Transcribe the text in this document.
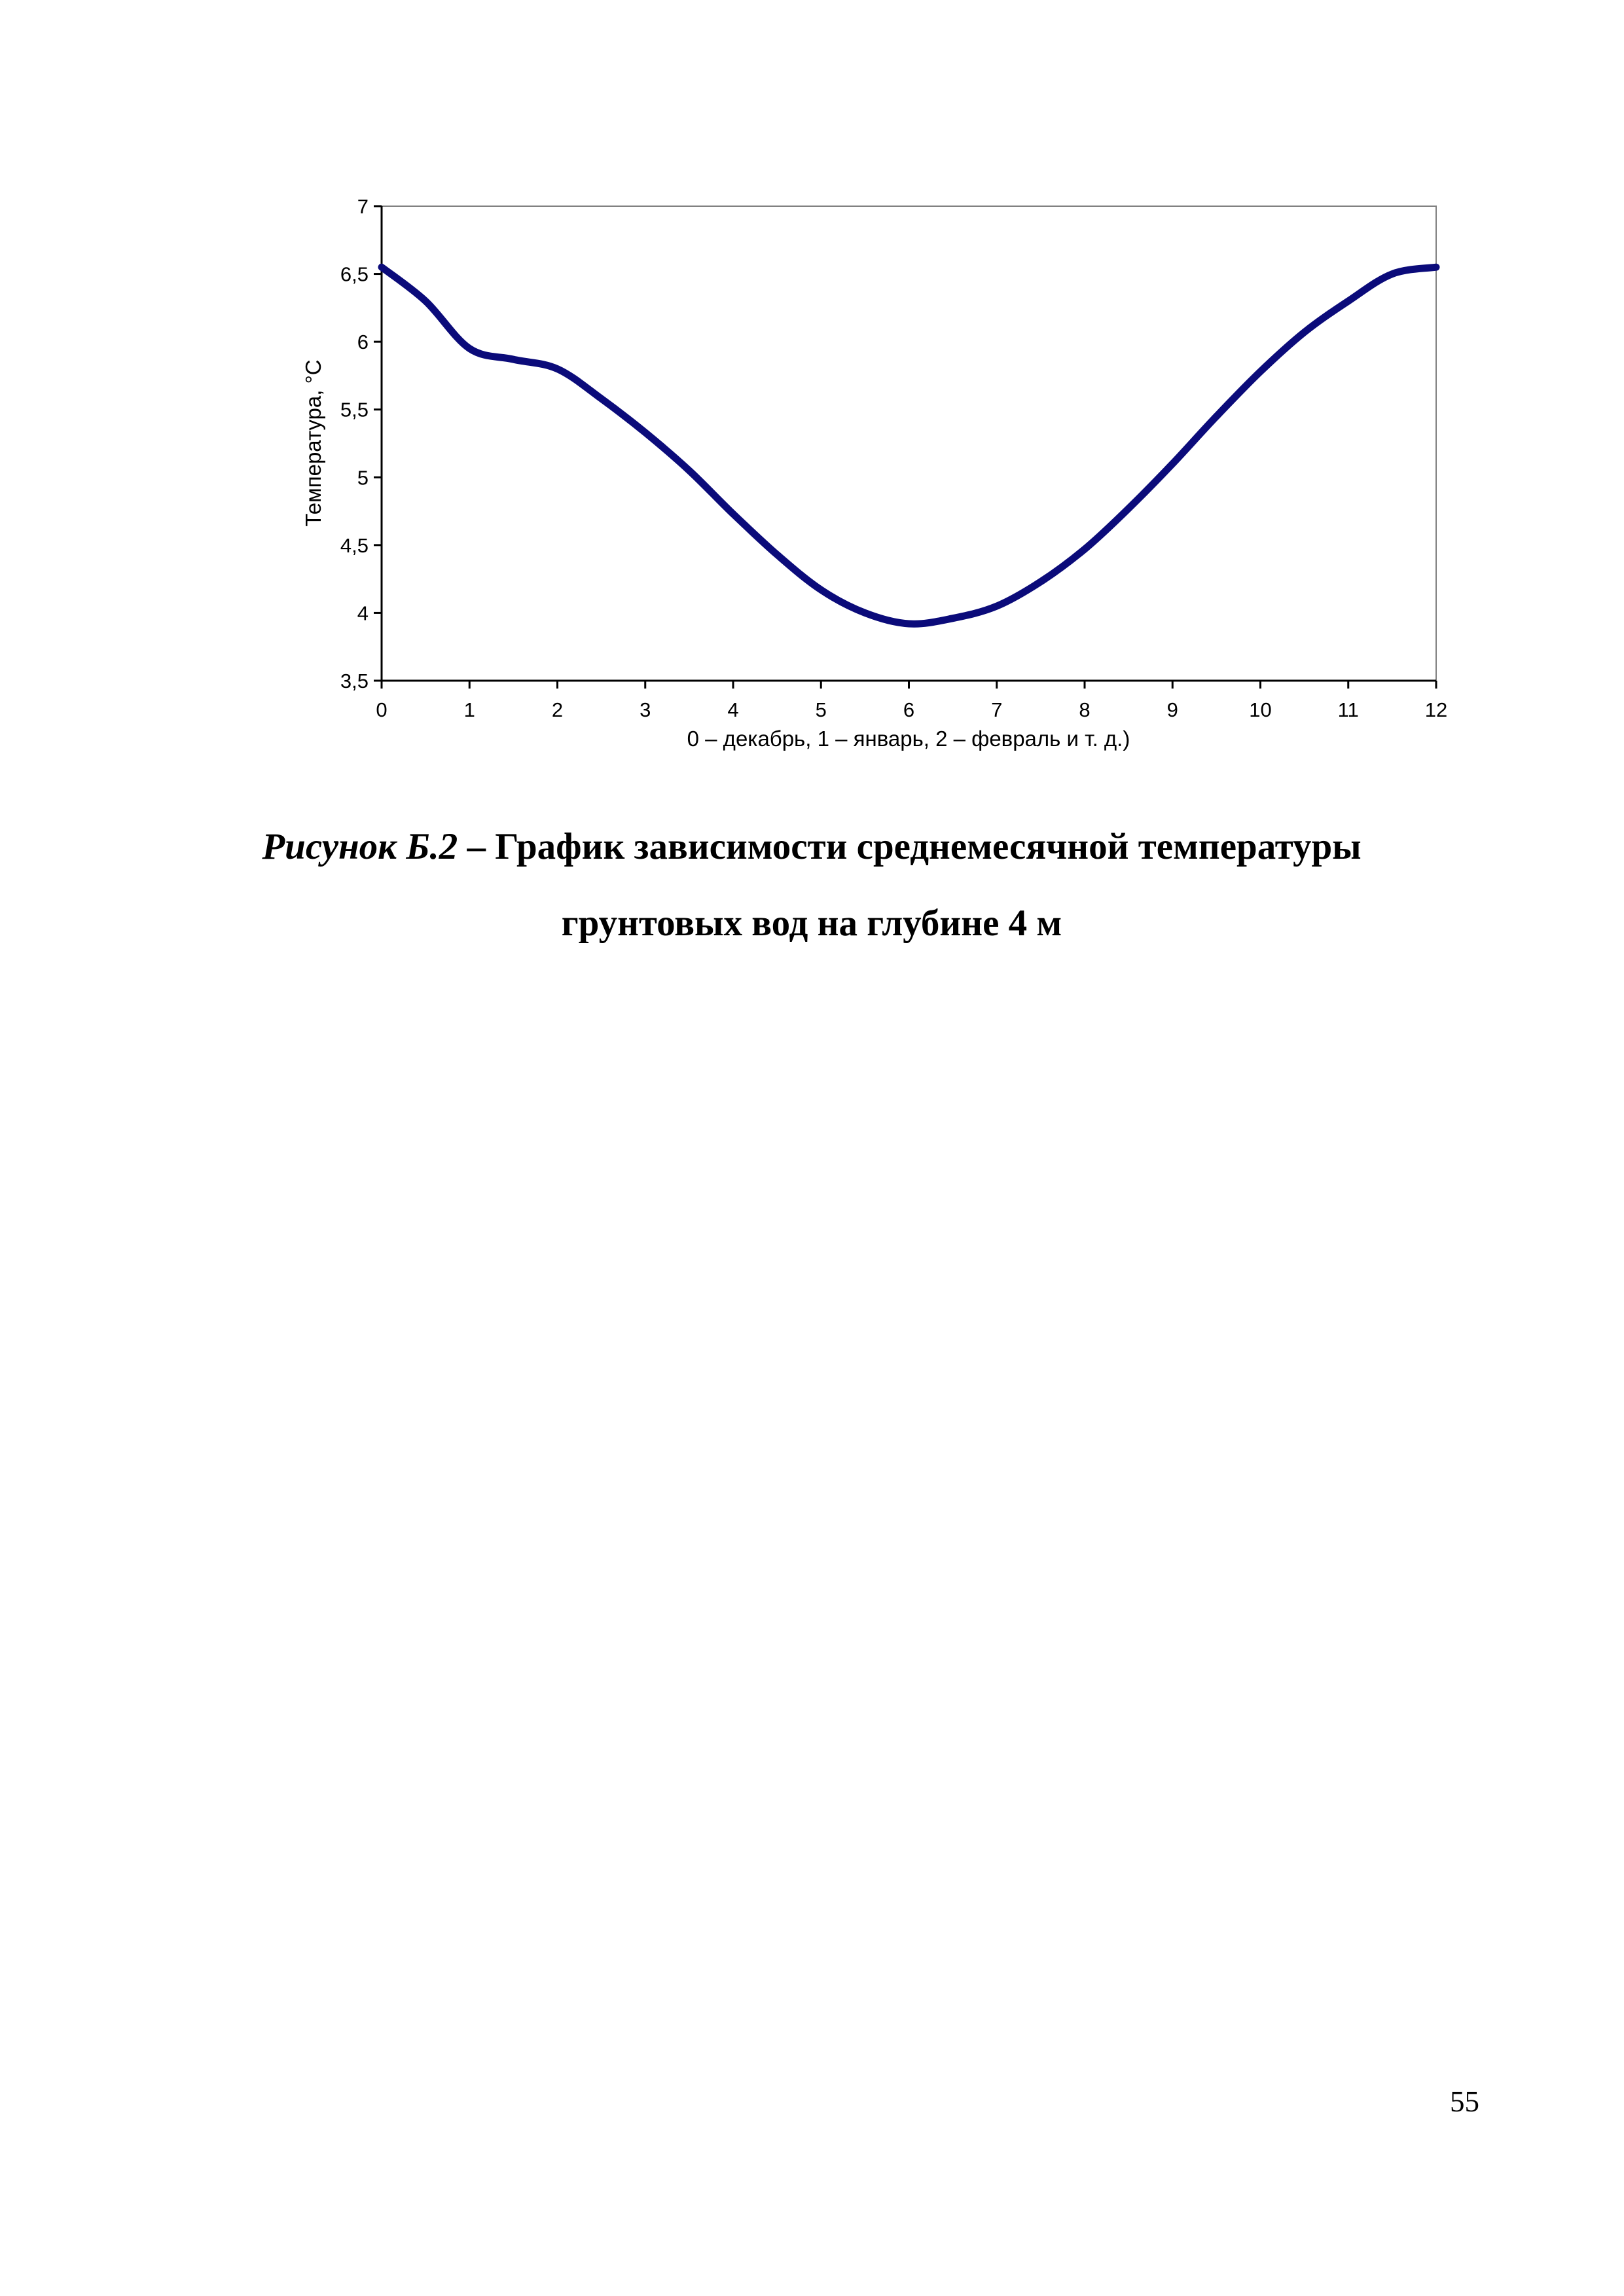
3,5
4
4,5
5
5,5
6
6,5
7
0	1	2	3	4	5	6	7	8	9	10	11	12
0 – декабрь, 1 – январь, 2 – февраль и т. д.)
Температура, °С
Рисунок Б.2 – График зависимости среднемесячной температуры
грунтовых вод на глубине 4 м
55
